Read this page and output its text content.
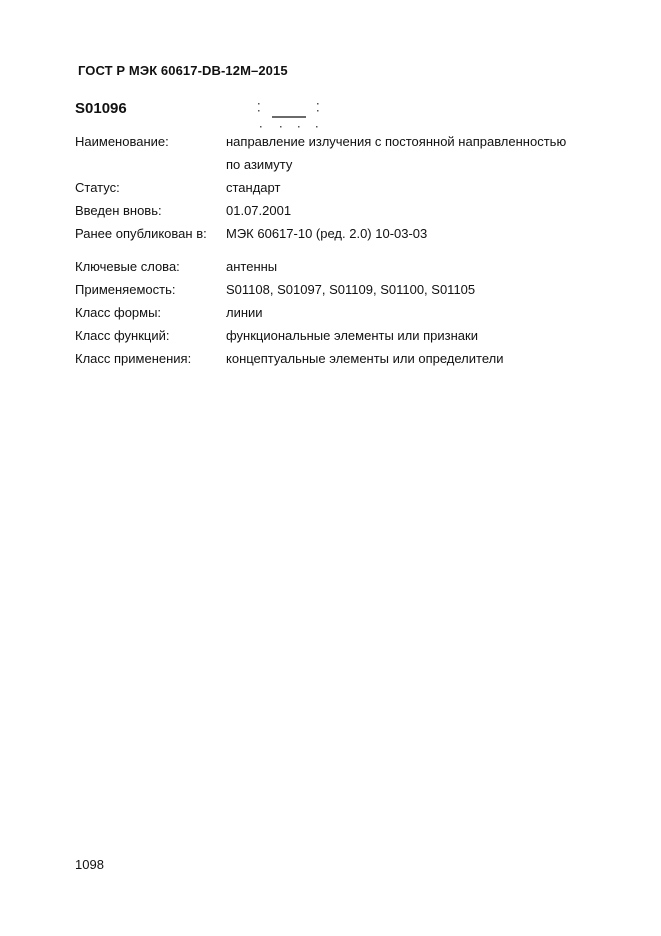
ГОСТ Р МЭК 60617-DB-12M–2015
S01096
Наименование:	направление излучения с постоянной направленностью
по азимуту
Статус:	стандарт
Введен вновь:	01.07.2001
Ранее опубликован в: МЭК 60617-10 (ред. 2.0) 10-03-03
Ключевые слова:	антенны
Применяемость:	S01108, S01097, S01109, S01100, S01105
Класс формы:	линии
Класс функций:	функциональные элементы или признаки
Класс применения:	концептуальные элементы или определители
1098
